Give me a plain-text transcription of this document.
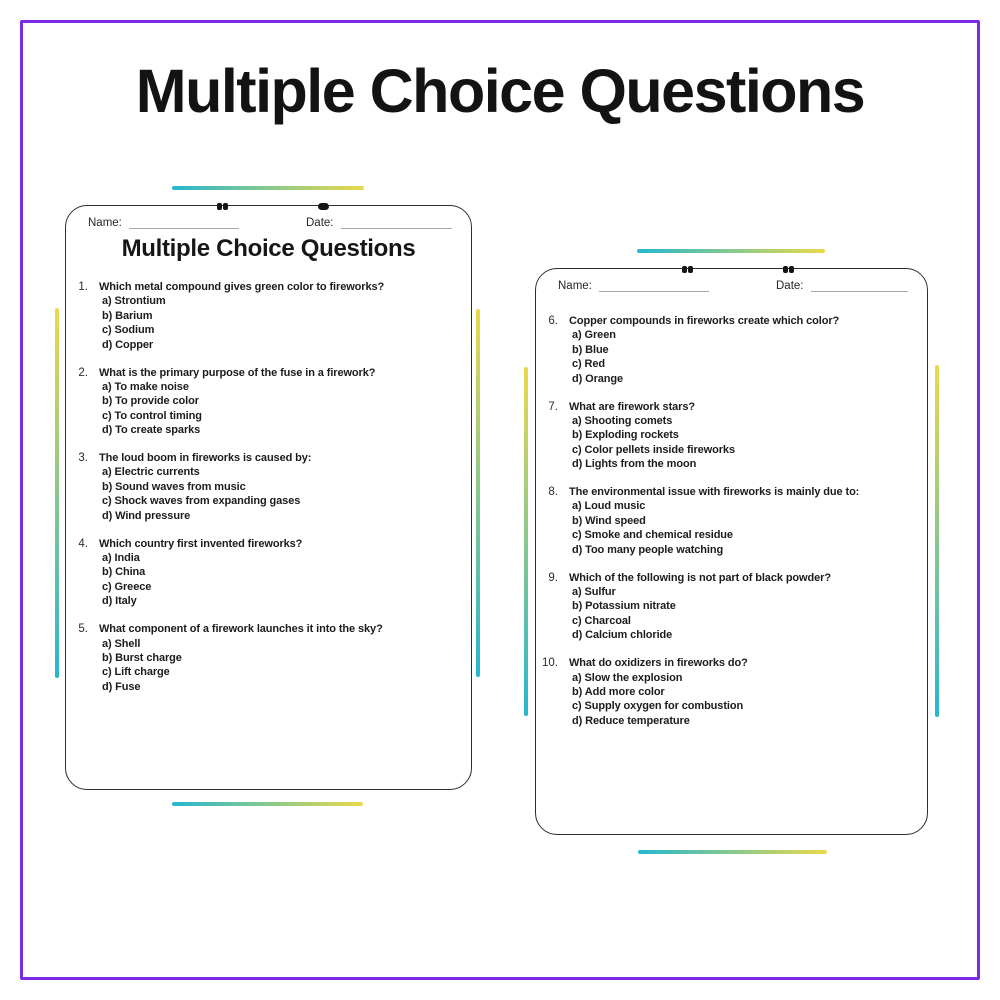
Multiple Choice Questions
Name:	Date:
Multiple Choice Questions
1. Which metal compound gives green color to fireworks?
a) Strontium
b) Barium
c) Sodium
d) Copper
2. What is the primary purpose of the fuse in a firework?
a) To make noise
b) To provide color
c) To control timing
d) To create sparks
3. The loud boom in fireworks is caused by:
a) Electric currents
b) Sound waves from music
c) Shock waves from expanding gases
d) Wind pressure
4. Which country first invented fireworks?
a) India
b) China
c) Greece
d) Italy
5. What component of a firework launches it into the sky?
a) Shell
b) Burst charge
c) Lift charge
d) Fuse
Name:	Date:
6. Copper compounds in fireworks create which color?
a) Green
b) Blue
c) Red
d) Orange
7. What are firework stars?
a) Shooting comets
b) Exploding rockets
c) Color pellets inside fireworks
d) Lights from the moon
8. The environmental issue with fireworks is mainly due to:
a) Loud music
b) Wind speed
c) Smoke and chemical residue
d) Too many people watching
9. Which of the following is not part of black powder?
a) Sulfur
b) Potassium nitrate
c) Charcoal
d) Calcium chloride
10. What do oxidizers in fireworks do?
a) Slow the explosion
b) Add more color
c) Supply oxygen for combustion
d) Reduce temperature
